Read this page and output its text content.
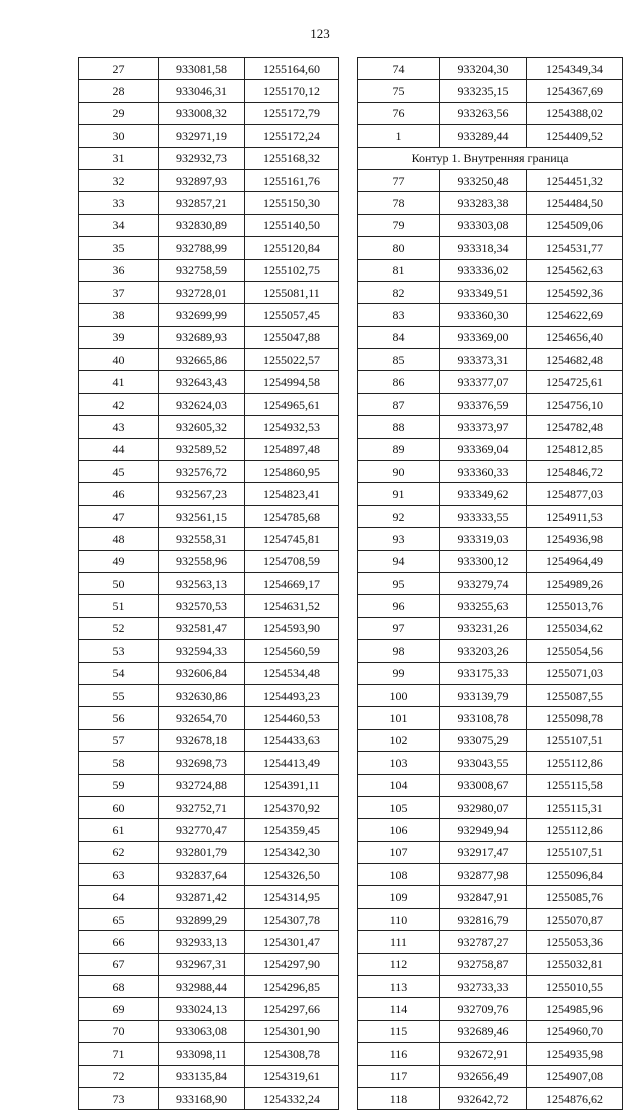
123
27	933081,58	1255164,60
28	933046,31	1255170,12
29	933008,32	1255172,79
30	932971,19	1255172,24
31	932932,73	1255168,32
32	932897,93	1255161,76
33	932857,21	1255150,30
34	932830,89	1255140,50
35	932788,99	1255120,84
36	932758,59	1255102,75
37	932728,01	1255081,11
38	932699,99	1255057,45
39	932689,93	1255047,88
40	932665,86	1255022,57
41	932643,43	1254994,58
42	932624,03	1254965,61
43	932605,32	1254932,53
44	932589,52	1254897,48
45	932576,72	1254860,95
46	932567,23	1254823,41
47	932561,15	1254785,68
48	932558,31	1254745,81
49	932558,96	1254708,59
50	932563,13	1254669,17
51	932570,53	1254631,52
52	932581,47	1254593,90
53	932594,33	1254560,59
54	932606,84	1254534,48
55	932630,86	1254493,23
56	932654,70	1254460,53
57	932678,18	1254433,63
58	932698,73	1254413,49
59	932724,88	1254391,11
60	932752,71	1254370,92
61	932770,47	1254359,45
62	932801,79	1254342,30
63	932837,64	1254326,50
64	932871,42	1254314,95
65	932899,29	1254307,78
66	932933,13	1254301,47
67	932967,31	1254297,90
68	932988,44	1254296,85
69	933024,13	1254297,66
70	933063,08	1254301,90
71	933098,11	1254308,78
72	933135,84	1254319,61
73	933168,90	1254332,24
74	933204,30	1254349,34
75	933235,15	1254367,69
76	933263,56	1254388,02
1	933289,44	1254409,52
Контур 1. Внутренняя граница		
77	933250,48	1254451,32
78	933283,38	1254484,50
79	933303,08	1254509,06
80	933318,34	1254531,77
81	933336,02	1254562,63
82	933349,51	1254592,36
83	933360,30	1254622,69
84	933369,00	1254656,40
85	933373,31	1254682,48
86	933377,07	1254725,61
87	933376,59	1254756,10
88	933373,97	1254782,48
89	933369,04	1254812,85
90	933360,33	1254846,72
91	933349,62	1254877,03
92	933333,55	1254911,53
93	933319,03	1254936,98
94	933300,12	1254964,49
95	933279,74	1254989,26
96	933255,63	1255013,76
97	933231,26	1255034,62
98	933203,26	1255054,56
99	933175,33	1255071,03
100	933139,79	1255087,55
101	933108,78	1255098,78
102	933075,29	1255107,51
103	933043,55	1255112,86
104	933008,67	1255115,58
105	932980,07	1255115,31
106	932949,94	1255112,86
107	932917,47	1255107,51
108	932877,98	1255096,84
109	932847,91	1255085,76
110	932816,79	1255070,87
111	932787,27	1255053,36
112	932758,87	1255032,81
113	932733,33	1255010,55
114	932709,76	1254985,96
115	932689,46	1254960,70
116	932672,91	1254935,98
117	932656,49	1254907,08
118	932642,72	1254876,62
